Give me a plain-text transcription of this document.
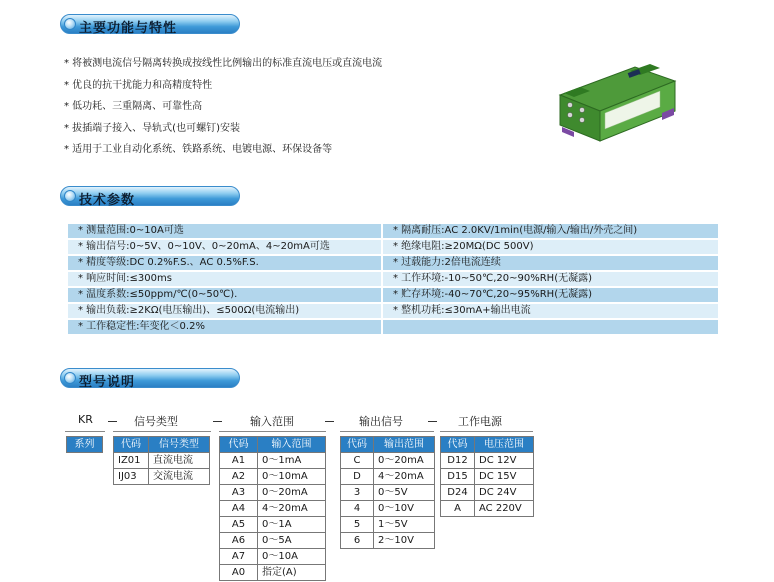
主要功能与特性
* 将被测电流信号隔离转换成按线性比例输出的标准直流电压或直流电流
* 优良的抗干扰能力和高精度特性
* 低功耗、三重隔离、可靠性高
* 拔插端子接入、导轨式(也可螺钉)安装
* 适用于工业自动化系统、铁路系统、电镀电源、环保设备等
技术参数
* 测量范围:0~10A可选	* 隔离耐压:AC 2.0KV/1min(电源/输入/输出/外壳之间)
* 输出信号:0~5V、0~10V、0~20mA、4~20mA可选	* 绝缘电阻:≥20MΩ(DC 500V)
* 精度等级:DC 0.2%F.S.、AC 0.5%F.S.	* 过载能力:2倍电流连续
* 响应时间:≤300ms	* 工作环境:-10~50℃,20~90%RH(无凝露)
* 温度系数:≤50ppm/℃(0~50℃).	* 贮存环境:-40~70℃,20~95%RH(无凝露)
* 输出负载:≥2KΩ(电压输出)、≤500Ω(电流输出)	* 整机功耗:≤30mA+输出电流
* 工作稳定性:年变化＜0.2%	
型号说明
KR	信号类型	输入范围	输出信号	工作电源
系列	代码	信号类型
IZ01	直流电流
IJ03	交流电流
代码	输入范围
A1	0～1mA
A2	0～10mA
A3	0～20mA
A4	4～20mA
A5	0～1A
A6	0～5A
A7	0～10A
A0	指定(A)
代码	输出范围
C	0～20mA
D	4～20mA
3	0～5V
4	0～10V
5	1～5V
6	2～10V
代码	电压范围
D12	DC 12V
D15	DC 15V
D24	DC 24V
A	AC 220V
